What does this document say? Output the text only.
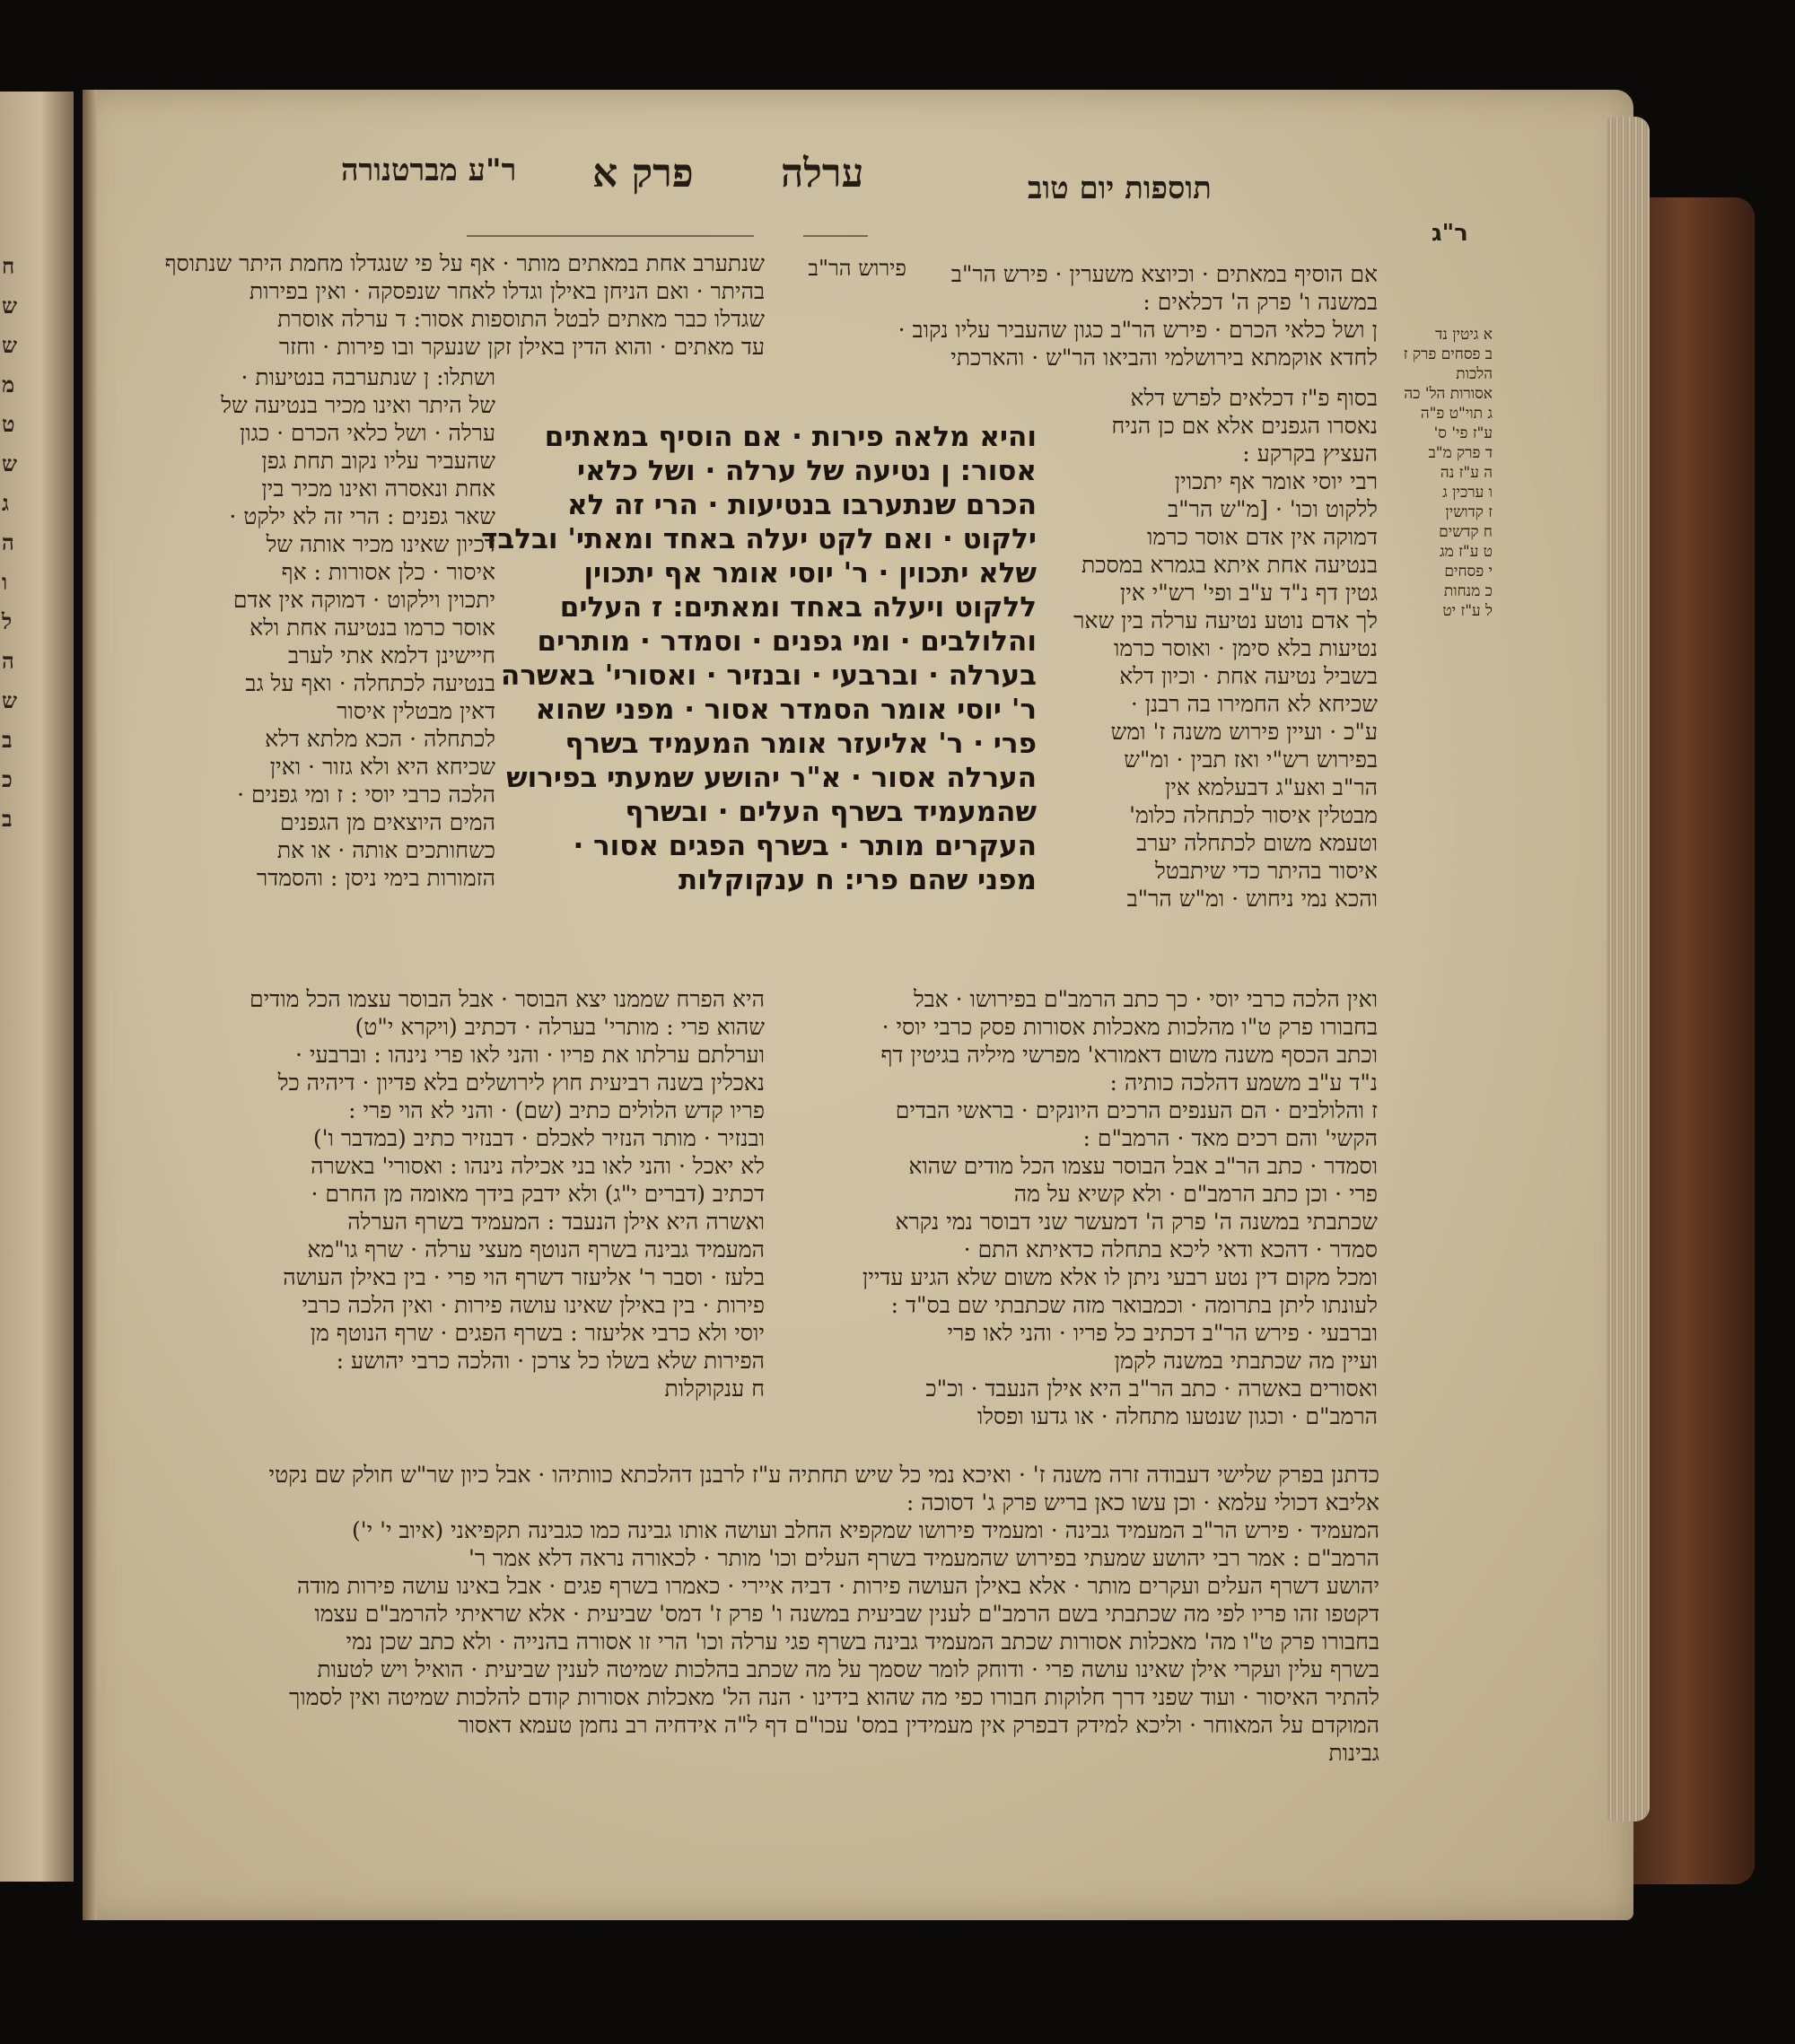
ח
ש
ש
מ
ט
ש
ג
ה
ו
ל
ה
ש
ב
כ
ב
ר"ע מברטנורה	ערלה
פרק א	תוספות יום טוב
ר"ג
פירוש הר"ב
והיא מלאה פירות · אם הוסיף במאתים
אסור: ן נטיעה של ערלה · ושל כלאי
הכרם שנתערבו בנטיעות · הרי זה לא
ילקוט · ואם לקט יעלה באחד ומאתי' ובלבד
שלא יתכוין · ר' יוסי אומר אף יתכוין
ללקוט ויעלה באחד ומאתים: ז העלים
והלולבים · ומי גפנים · וסמדר · מותרים
בערלה · וברבעי · ובנזיר · ואסורי' באשרה
ר' יוסי אומר הסמדר אסור · מפני שהוא
פרי · ר' אליעזר אומר המעמיד בשרף
הערלה אסור · א"ר יהושע שמעתי בפירוש
שהמעמיד בשרף העלים · ובשרף
העקרים מותר · בשרף הפגים אסור ·
מפני שהם פרי: ח ענקוקלות
שנתערב אחת במאתים מותר · אף על פי שנגדלו מחמת היתר שנתוסף
בהיתר · ואם הניחן באילן וגדלו לאחר שנפסקה · ואין בפירות
שגדלו כבר מאתים לבטל התוספות אסור: ד ערלה אוסרת
עד מאתים · והוא הדין באילן זקן שנעקר ובו פירות · וחזר
ושתלו: ן שנתערבה בנטיעות ·
של היתר ואינו מכיר בנטיעה של
ערלה · ושל כלאי הכרם · כגון
שהעביר עליו נקוב תחת גפן
אחת ונאסרה ואינו מכיר בין
שאר גפנים : הרי זה לא ילקט ·
דכיון שאינו מכיר אותה של
איסור · כלן אסורות : אף
יתכוין וילקוט · דמוקה אין אדם
אוסר כרמו בנטיעה אחת ולא
חיישינן דלמא אתי לערב
בנטיעה לכתחלה · ואף על גב
דאין מבטלין איסור
לכתחלה · הכא מלתא דלא
שכיחא היא ולא גזור · ואין
הלכה כרבי יוסי : ז ומי גפנים ·
המים היוצאים מן הגפנים
כשחותכים אותה · או את
הזמורות בימי ניסן : והסמדר
היא הפרח שממנו יצא הבוסר · אבל הבוסר עצמו הכל מודים
שהוא פרי : מותרי' בערלה · דכתיב (ויקרא י"ט)
וערלתם ערלתו את פריו · והני לאו פרי נינהו : וברבעי ·
נאכלין בשנה רביעית חוץ לירושלים בלא פדיון · דיהיה כל
פריו קדש הלולים כתיב (שם) · והני לא הוי פרי :
ובנזיר · מותר הנזיר לאכלם · דבנזיר כתיב (במדבר ו')
לא יאכל · והני לאו בני אכילה נינהו : ואסורי' באשרה
דכתיב (דברים י"ג) ולא ידבק בידך מאומה מן החרם ·
ואשרה היא אילן הנעבד : המעמיד בשרף הערלה
המעמיד גבינה בשרף הנוטף מעצי ערלה · שרף גו"מא
בלעז · וסבר ר' אליעזר דשרף הוי פרי · בין באילן העושה
פירות · בין באילן שאינו עושה פירות · ואין הלכה כרבי
יוסי ולא כרבי אליעזר : בשרף הפגים · שרף הנוטף מן
הפירות שלא בשלו כל צרכן · והלכה כרבי יהושע :
ח ענקוקלות
אם הוסיף במאתים · וכיוצא משערין · פירש הר"ב
במשנה ו' פרק ה' דכלאים :
ן ושל כלאי הכרם · פירש הר"ב כגון שהעביר עליו נקוב ·
לחדא אוקמתא בירושלמי והביאו הר"ש · והארכתי
בסוף פ"ז דכלאים לפרש דלא
נאסרו הגפנים אלא אם כן הניח
העציץ בקרקע :
רבי יוסי אומר אף יתכוין
ללקוט וכו' · [מ"ש הר"ב
דמוקה אין אדם אוסר כרמו
בנטיעה אחת איתא בגמרא במסכת
גטין דף נ"ד ע"ב ופי' רש"י אין
לך אדם נוטע נטיעה ערלה בין שאר
נטיעות בלא סימן · ואוסר כרמו
בשביל נטיעה אחת · וכיון דלא
שכיחא לא החמירו בה רבנן ·
ע"כ · ועיין פירוש משנה ז' ומש
בפירוש רש"י ואז תבין · ומ"ש
הר"ב ואע"ג דבעלמא אין
מבטלין איסור לכתחלה כלומ'
וטעמא משום לכתחלה יערב
איסור בהיתר כדי שיתבטל
והכא נמי ניחוש · ומ"ש הר"ב
ואין הלכה כרבי יוסי · כך כתב הרמב"ם בפירושו · אבל
בחבורו פרק ט"ו מהלכות מאכלות אסורות פסק כרבי יוסי ·
וכתב הכסף משנה משום דאמורא' מפרשי מיליה בגיטין דף
נ"ד ע"ב משמע דהלכה כותיה :
ז והלולבים · הם הענפים הרכים היונקים · בראשי הבדים
הקשי' והם רכים מאד · הרמב"ם :
וסמדר · כתב הר"ב אבל הבוסר עצמו הכל מודים שהוא
פרי · וכן כתב הרמב"ם · ולא קשיא על מה
שכתבתי במשנה ה' פרק ה' דמעשר שני דבוסר נמי נקרא
סמדר · דהכא ודאי ליכא בתחלה כדאיתא התם ·
ומכל מקום דין נטע רבעי ניתן לו אלא משום שלא הגיע עדיין
לעונתו ליתן בתרומה · וכמבואר מזה שכתבתי שם בס"ד :
וברבעי · פירש הר"ב דכתיב כל פריו · והני לאו פרי
ועיין מה שכתבתי במשנה לקמן
ואסורים באשרה · כתב הר"ב היא אילן הנעבד · וכ"כ
הרמב"ם · וכגון שנטעו מתחלה · או גדעו ופסלו
כדתנן בפרק שלישי דעבודה זרה משנה ז' · ואיכא נמי כל שיש תחתיה ע"ז לרבנן דהלכתא כוותיהו · אבל כיון שר"ש חולק שם נקטי
אליבא דכולי עלמא · וכן עשו כאן בריש פרק ג' דסוכה :
המעמיד · פירש הר"ב המעמיד גבינה · ומעמיד פירושו שמקפיא החלב ועושה אותו גבינה כמו כגבינה תקפיאני (איוב י' י')
הרמב"ם : אמר רבי יהושע שמעתי בפירוש שהמעמיד בשרף העלים וכו' מותר · לכאורה נראה דלא אמר ר'
יהושע דשרף העלים ועקרים מותר · אלא באילן העושה פירות · דביה איירי · כאמרו בשרף פגים · אבל באינו עושה פירות מודה
דקטפו זהו פריו לפי מה שכתבתי בשם הרמב"ם לענין שביעית במשנה ו' פרק ז' דמס' שביעית · אלא שראיתי להרמב"ם עצמו
בחבורו פרק ט"ו מה' מאכלות אסורות שכתב המעמיד גבינה בשרף פגי ערלה וכו' הרי זו אסורה בהנייה · ולא כתב שכן נמי
בשרף עלין ועקרי אילן שאינו עושה פרי · ודוחק לומר שסמך על מה שכתב בהלכות שמיטה לענין שביעית · הואיל ויש לטעות
להתיר האיסור · ועוד שפני דרך חלוקות חבורו כפי מה שהוא בידינו · הנה הל' מאכלות אסורות קודם להלכות שמיטה ואין לסמוך
המוקדם על המאוחר · וליכא למידק דבפרק אין מעמידין במס' עכו"ם דף ל"ה אידחיה רב נחמן טעמא דאסור
גבינות
א גיטין נד
ב פסחים פרק ז
הלכות
אסורות הל' כה
ג תוי"ט פ"ה
ע"ז פי' ס'
ד פרק מ"ב
ה ע"ז נה
ו ערכין ג
ז קדושין
ח קדשים
ט ע"ז מג
י פסחים
כ מנחות
ל ע"ז יט
